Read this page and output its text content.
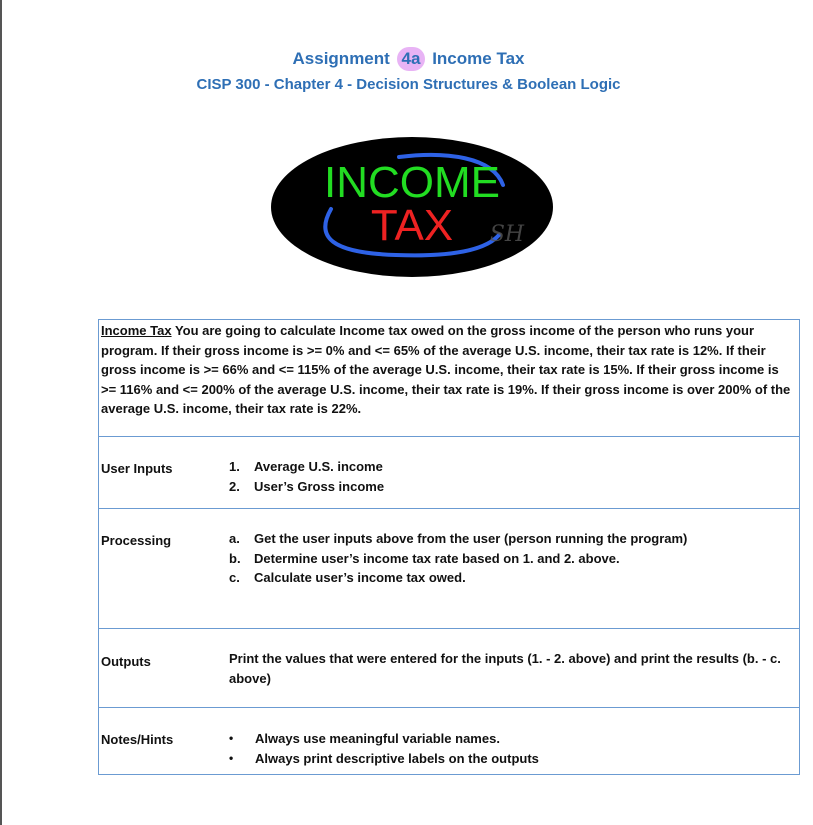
Assignment 4a Income Tax
CISP 300 - Chapter 4 - Decision Structures & Boolean Logic
INCOME
TAX SH
Income Tax You are going to calculate Income tax owed on the gross income of the person who runs your program. If their gross income is >= 0% and <= 65% of the average U.S. income, their tax rate is 12%. If their gross income is >= 66% and <= 115% of the average U.S. income, their tax rate is 15%. If their gross income is >= 116% and <= 200% of the average U.S. income, their tax rate is 19%. If their gross income is over 200% of the average U.S. income, their tax rate is 22%.
User Inputs	1.	Average U.S. income
2.	User’s Gross income
Processing	a.	Get the user inputs above from the user (person running the program)
b.	Determine user’s income tax rate based on 1. and 2. above.
c.	Calculate user’s income tax owed.
Outputs	Print the values that were entered for the inputs (1. - 2. above) and print the results (b. - c. above)
Notes/Hints	•	Always use meaningful variable names.
•	Always print descriptive labels on the outputs
